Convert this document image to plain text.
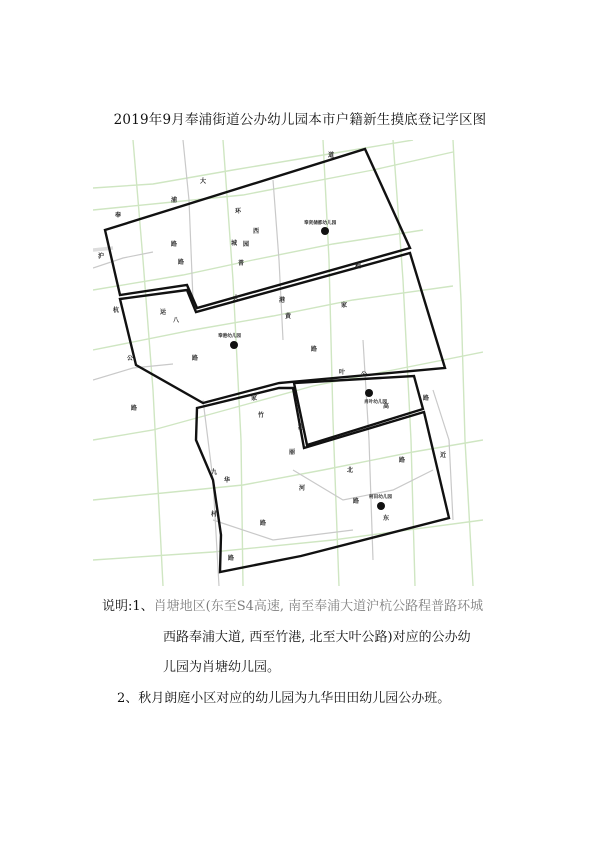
2019年9月奉浦街道公办幼儿园本市户籍新生摸底登记学区图
奉
浦
大
道
环
城
西
路
沪
杭
公
路
程
普
路
竹
港
大
叶	公
路
运
河
北
路
九
华
路
黄
家
路
八
家
港
路
高
丽
路
东
近
路
村
园
奉贤储都幼儿园
奉港幼儿园
肖叶幼儿园
柯田幼儿园
说明:1、肖塘地区(东至S4高速, 南至奉浦大道沪杭公路程普路环城
西路奉浦大道, 西至竹港, 北至大叶公路)对应的公办幼
儿园为肖塘幼儿园。
2、秋月朗庭小区对应的幼儿园为九华田田幼儿园公办班。
